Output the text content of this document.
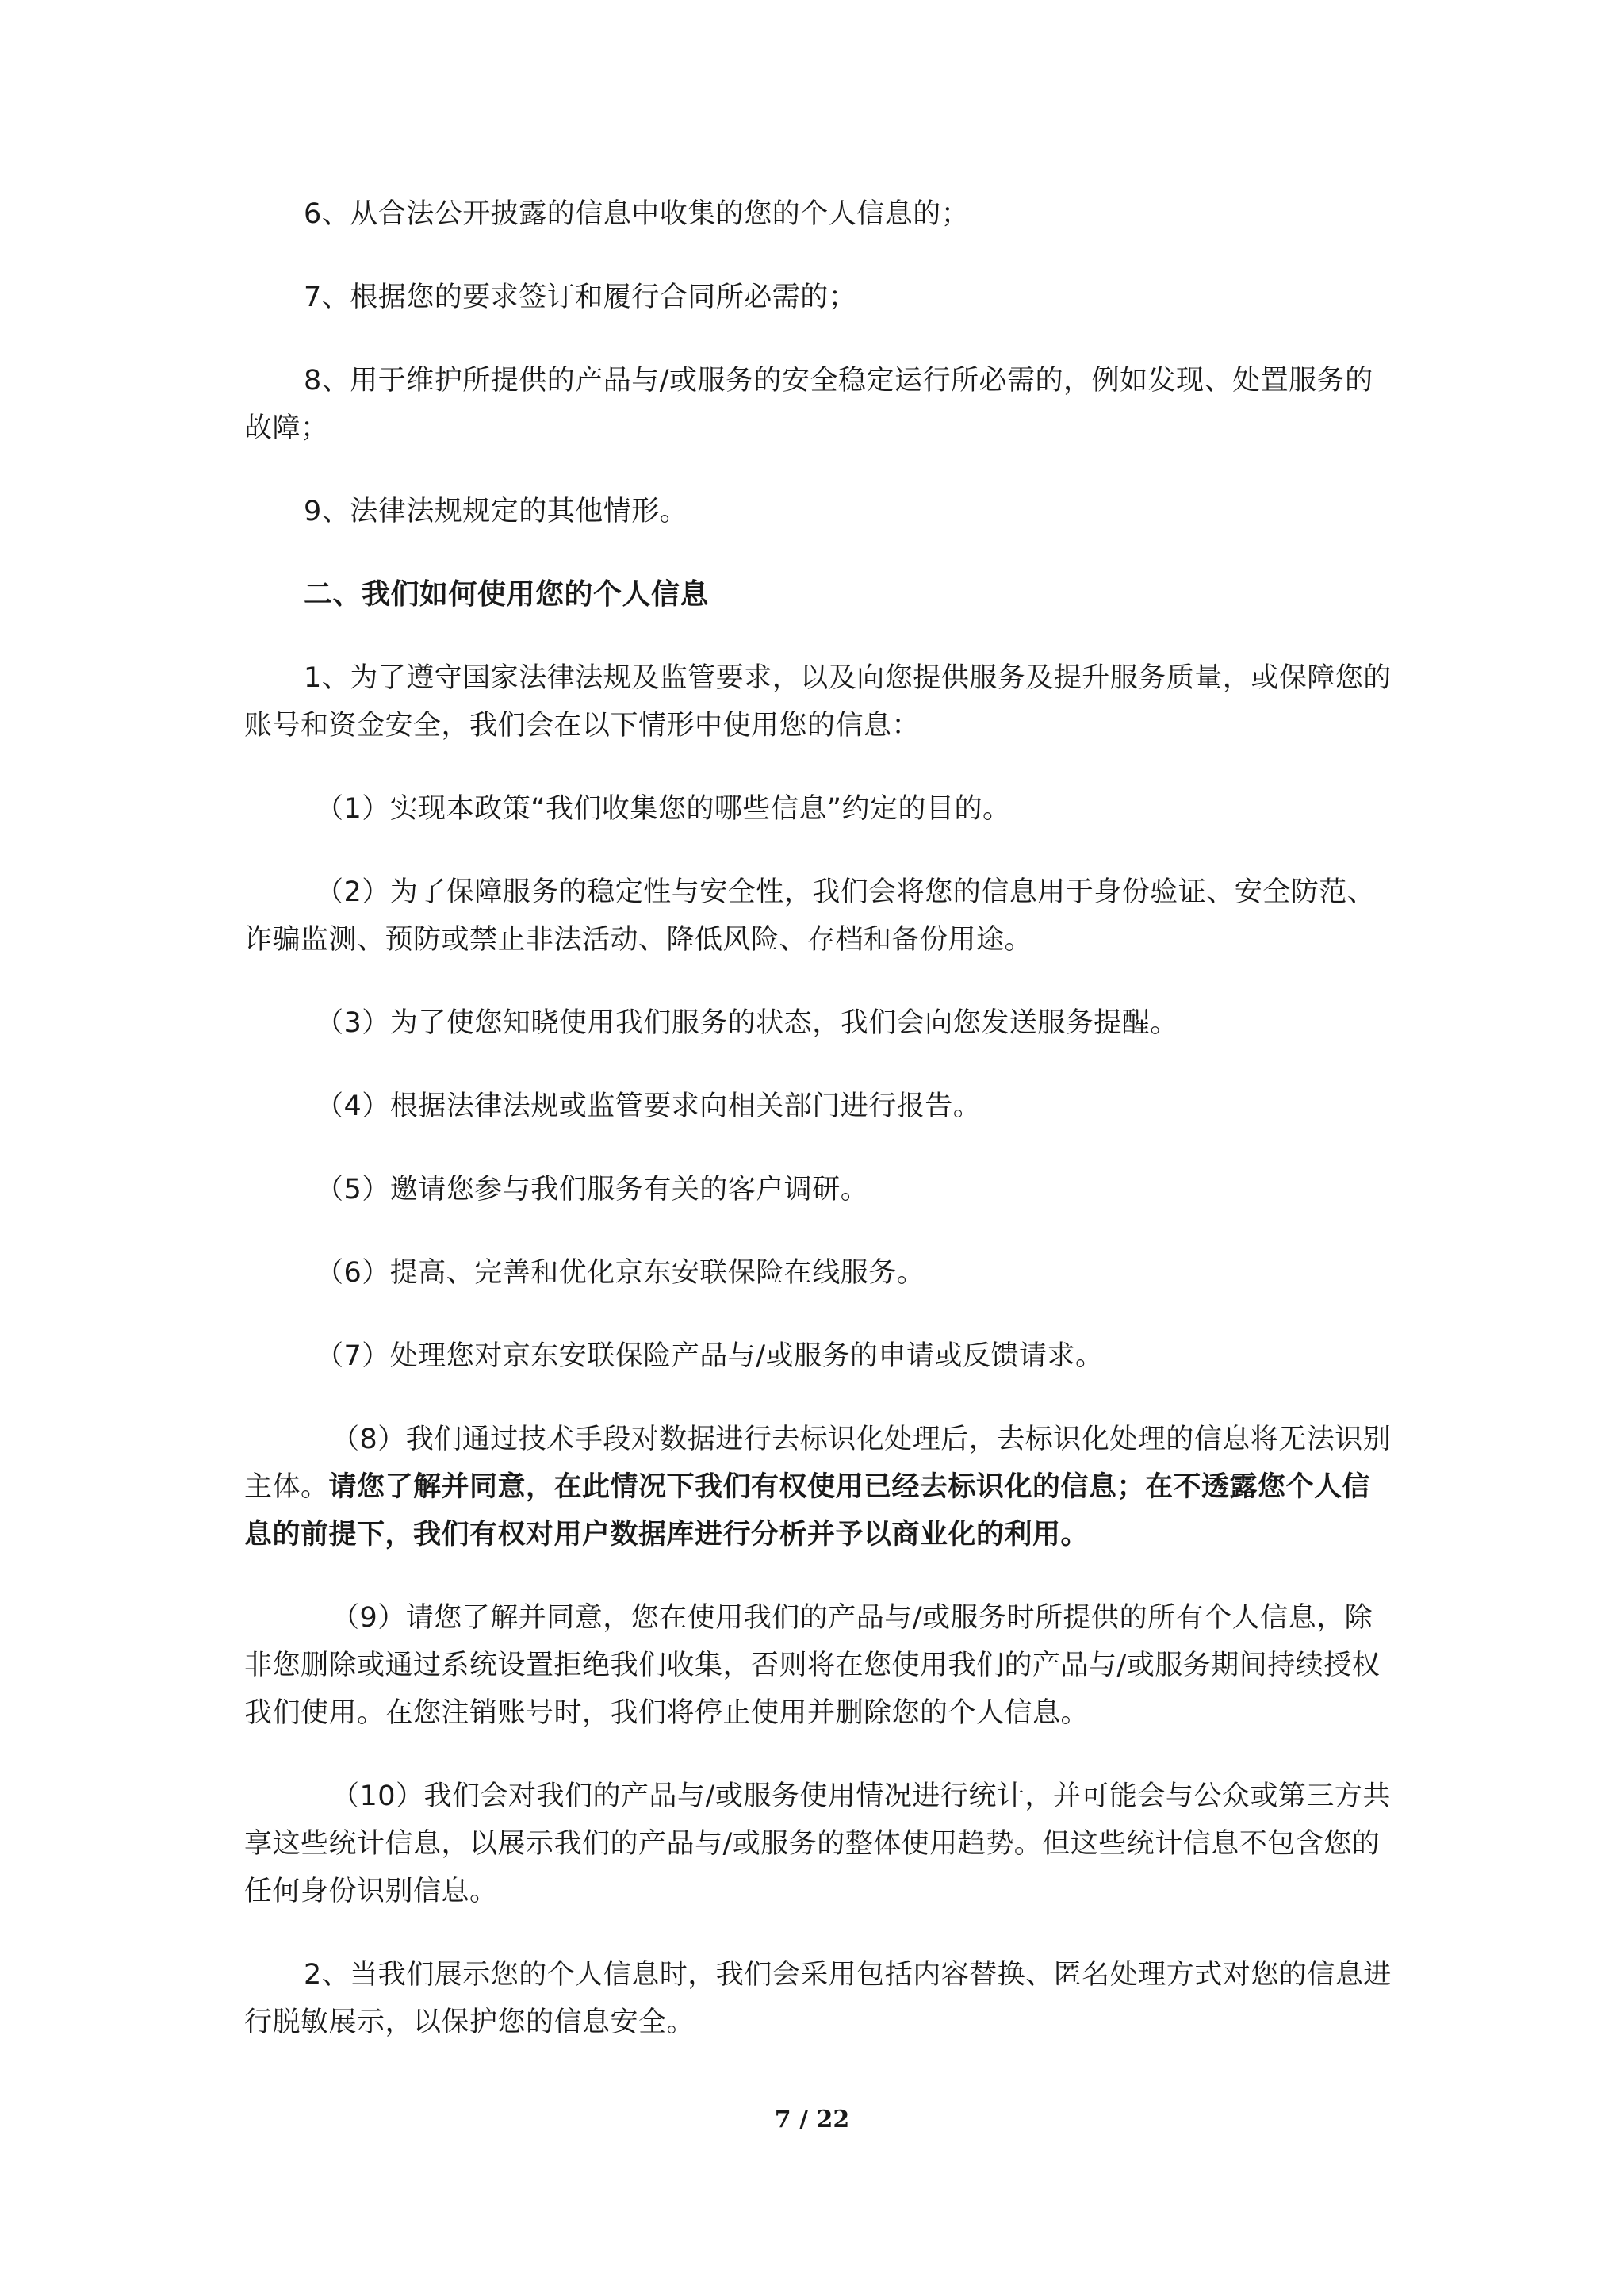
6、从合法公开披露的信息中收集的您的个人信息的；

7、根据您的要求签订和履行合同所必需的；

8、用于维护所提供的产品与/或服务的安全稳定运行所必需的，例如发现、处置服务的故障；

9、法律法规规定的其他情形。

二、我们如何使用您的个人信息

1、为了遵守国家法律法规及监管要求，以及向您提供服务及提升服务质量，或保障您的账号和资金安全，我们会在以下情形中使用您的信息：

（1）实现本政策“我们收集您的哪些信息”约定的目的。

（2）为了保障服务的稳定性与安全性，我们会将您的信息用于身份验证、安全防范、诈骗监测、预防或禁止非法活动、降低风险、存档和备份用途。

（3）为了使您知晓使用我们服务的状态，我们会向您发送服务提醒。

（4）根据法律法规或监管要求向相关部门进行报告。

（5）邀请您参与我们服务有关的客户调研。

（6）提高、完善和优化京东安联保险在线服务。

（7）处理您对京东安联保险产品与/或服务的申请或反馈请求。

（8）我们通过技术手段对数据进行去标识化处理后，去标识化处理的信息将无法识别主体。请您了解并同意，在此情况下我们有权使用已经去标识化的信息；在不透露您个人信息的前提下，我们有权对用户数据库进行分析并予以商业化的利用。

（9）请您了解并同意，您在使用我们的产品与/或服务时所提供的所有个人信息，除非您删除或通过系统设置拒绝我们收集，否则将在您使用我们的产品与/或服务期间持续授权我们使用。在您注销账号时，我们将停止使用并删除您的个人信息。

（10）我们会对我们的产品与/或服务使用情况进行统计，并可能会与公众或第三方共享这些统计信息，以展示我们的产品与/或服务的整体使用趋势。但这些统计信息不包含您的任何身份识别信息。

2、当我们展示您的个人信息时，我们会采用包括内容替换、匿名处理方式对您的信息进行脱敏展示，以保护您的信息安全。

7 / 22
